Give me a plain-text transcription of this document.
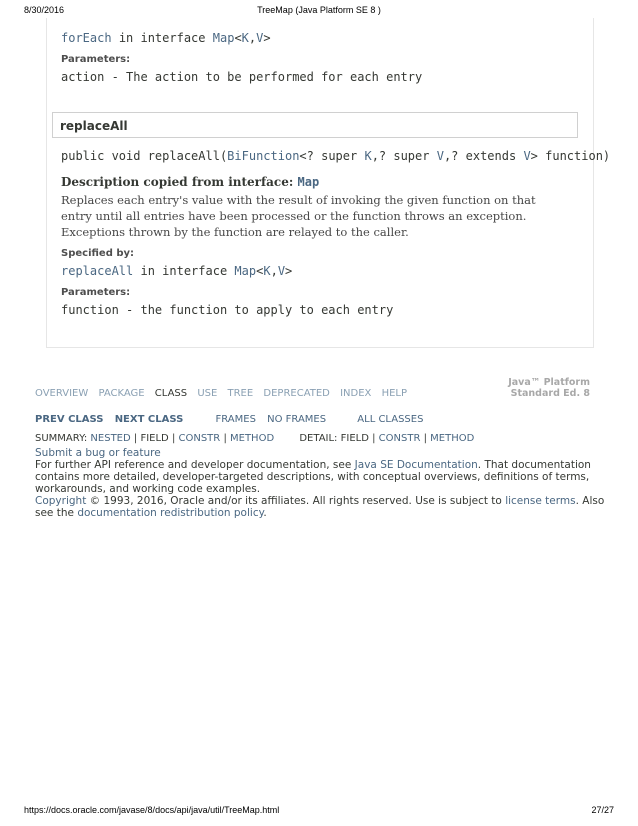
8/30/2016	TreeMap (Java Platform SE 8 )
forEach in interface Map<K,V>
Parameters:
action - The action to be performed for each entry
replaceAll
public void replaceAll(BiFunction<? super K,? super V,? extends V> function)
Description copied from interface: Map
Replaces each entry's value with the result of invoking the given function on that entry until all entries have been processed or the function throws an exception. Exceptions thrown by the function are relayed to the caller.
Specified by:
replaceAll in interface Map<K,V>
Parameters:
function - the function to apply to each entry
OVERVIEW PACKAGE CLASS USE TREE DEPRECATED INDEX HELP
Java™ Platform
Standard Ed. 8
PREV CLASS NEXT CLASS	FRAMES NO FRAMES	ALL CLASSES
SUMMARY: NESTED | FIELD | CONSTR | METHOD	DETAIL: FIELD | CONSTR | METHOD
Submit a bug or feature
For further API reference and developer documentation, see Java SE Documentation. That documentation contains more detailed, developer-targeted descriptions, with conceptual overviews, definitions of terms, workarounds, and working code examples.
Copyright © 1993, 2016, Oracle and/or its affiliates. All rights reserved. Use is subject to license terms. Also see the documentation redistribution policy.
https://docs.oracle.com/javase/8/docs/api/java/util/TreeMap.html	27/27
